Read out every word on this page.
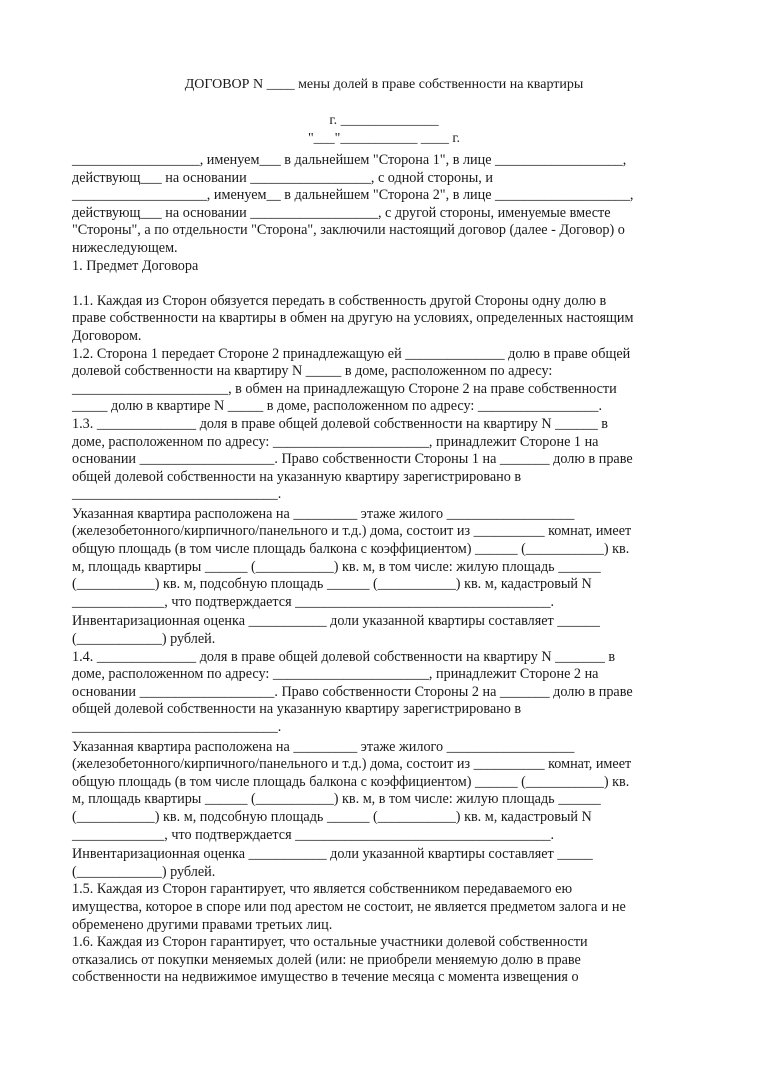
ДОГОВОР N ____ мены долей в праве собственности на квартиры
г. ______________
"___"___________ ____ г.
__________________, именуем___ в дальнейшем "Сторона 1", в лице __________________,
действующ___ на основании _________________, с одной стороны, и
___________________, именуем__ в дальнейшем "Сторона 2", в лице ___________________,
действующ___ на основании __________________, с другой стороны, именуемые вместе
"Стороны", а по отдельности "Сторона", заключили настоящий договор (далее - Договор) о
нижеследующем.
1. Предмет Договора
1.1. Каждая из Сторон обязуется передать в собственность другой Стороны одну долю в
праве собственности на квартиры в обмен на другую на условиях, определенных настоящим
Договором.
1.2. Сторона 1 передает Стороне 2 принадлежащую ей ______________ долю в праве общей
долевой собственности на квартиру N _____ в доме, расположенном по адресу:
______________________, в обмен на принадлежащую Стороне 2 на праве собственности
_____ долю в квартире N _____ в доме, расположенном по адресу: _________________.
1.3. ______________ доля в праве общей долевой собственности на квартиру N ______ в
доме, расположенном по адресу: ______________________, принадлежит Стороне 1 на
основании ___________________. Право собственности Стороны 1 на _______ долю в праве
общей долевой собственности на указанную квартиру зарегистрировано в
_____________________________.
Указанная квартира расположена на _________ этаже жилого __________________
(железобетонного/кирпичного/панельного и т.д.) дома, состоит из __________ комнат, имеет
общую площадь (в том числе площадь балкона с коэффициентом) ______ (___________) кв.
м, площадь квартиры ______ (___________) кв. м, в том числе: жилую площадь ______
(___________) кв. м, подсобную площадь ______ (___________) кв. м, кадастровый N
_____________, что подтверждается ____________________________________.
Инвентаризационная оценка ___________ доли указанной квартиры составляет ______
(____________) рублей.
1.4. ______________ доля в праве общей долевой собственности на квартиру N _______ в
доме, расположенном по адресу: ______________________, принадлежит Стороне 2 на
основании ___________________. Право собственности Стороны 2 на _______ долю в праве
общей долевой собственности на указанную квартиру зарегистрировано в
_____________________________.
Указанная квартира расположена на _________ этаже жилого __________________
(железобетонного/кирпичного/панельного и т.д.) дома, состоит из __________ комнат, имеет
общую площадь (в том числе площадь балкона с коэффициентом) ______ (___________) кв.
м, площадь квартиры ______ (___________) кв. м, в том числе: жилую площадь ______
(___________) кв. м, подсобную площадь ______ (___________) кв. м, кадастровый N
_____________, что подтверждается ____________________________________.
Инвентаризационная оценка ___________ доли указанной квартиры составляет _____
(____________) рублей.
1.5. Каждая из Сторон гарантирует, что является собственником передаваемого ею
имущества, которое в споре или под арестом не состоит, не является предметом залога и не
обременено другими правами третьих лиц.
1.6. Каждая из Сторон гарантирует, что остальные участники долевой собственности
отказались от покупки меняемых долей (или: не приобрели меняемую долю в праве
собственности на недвижимое имущество в течение месяца с момента извещения о
